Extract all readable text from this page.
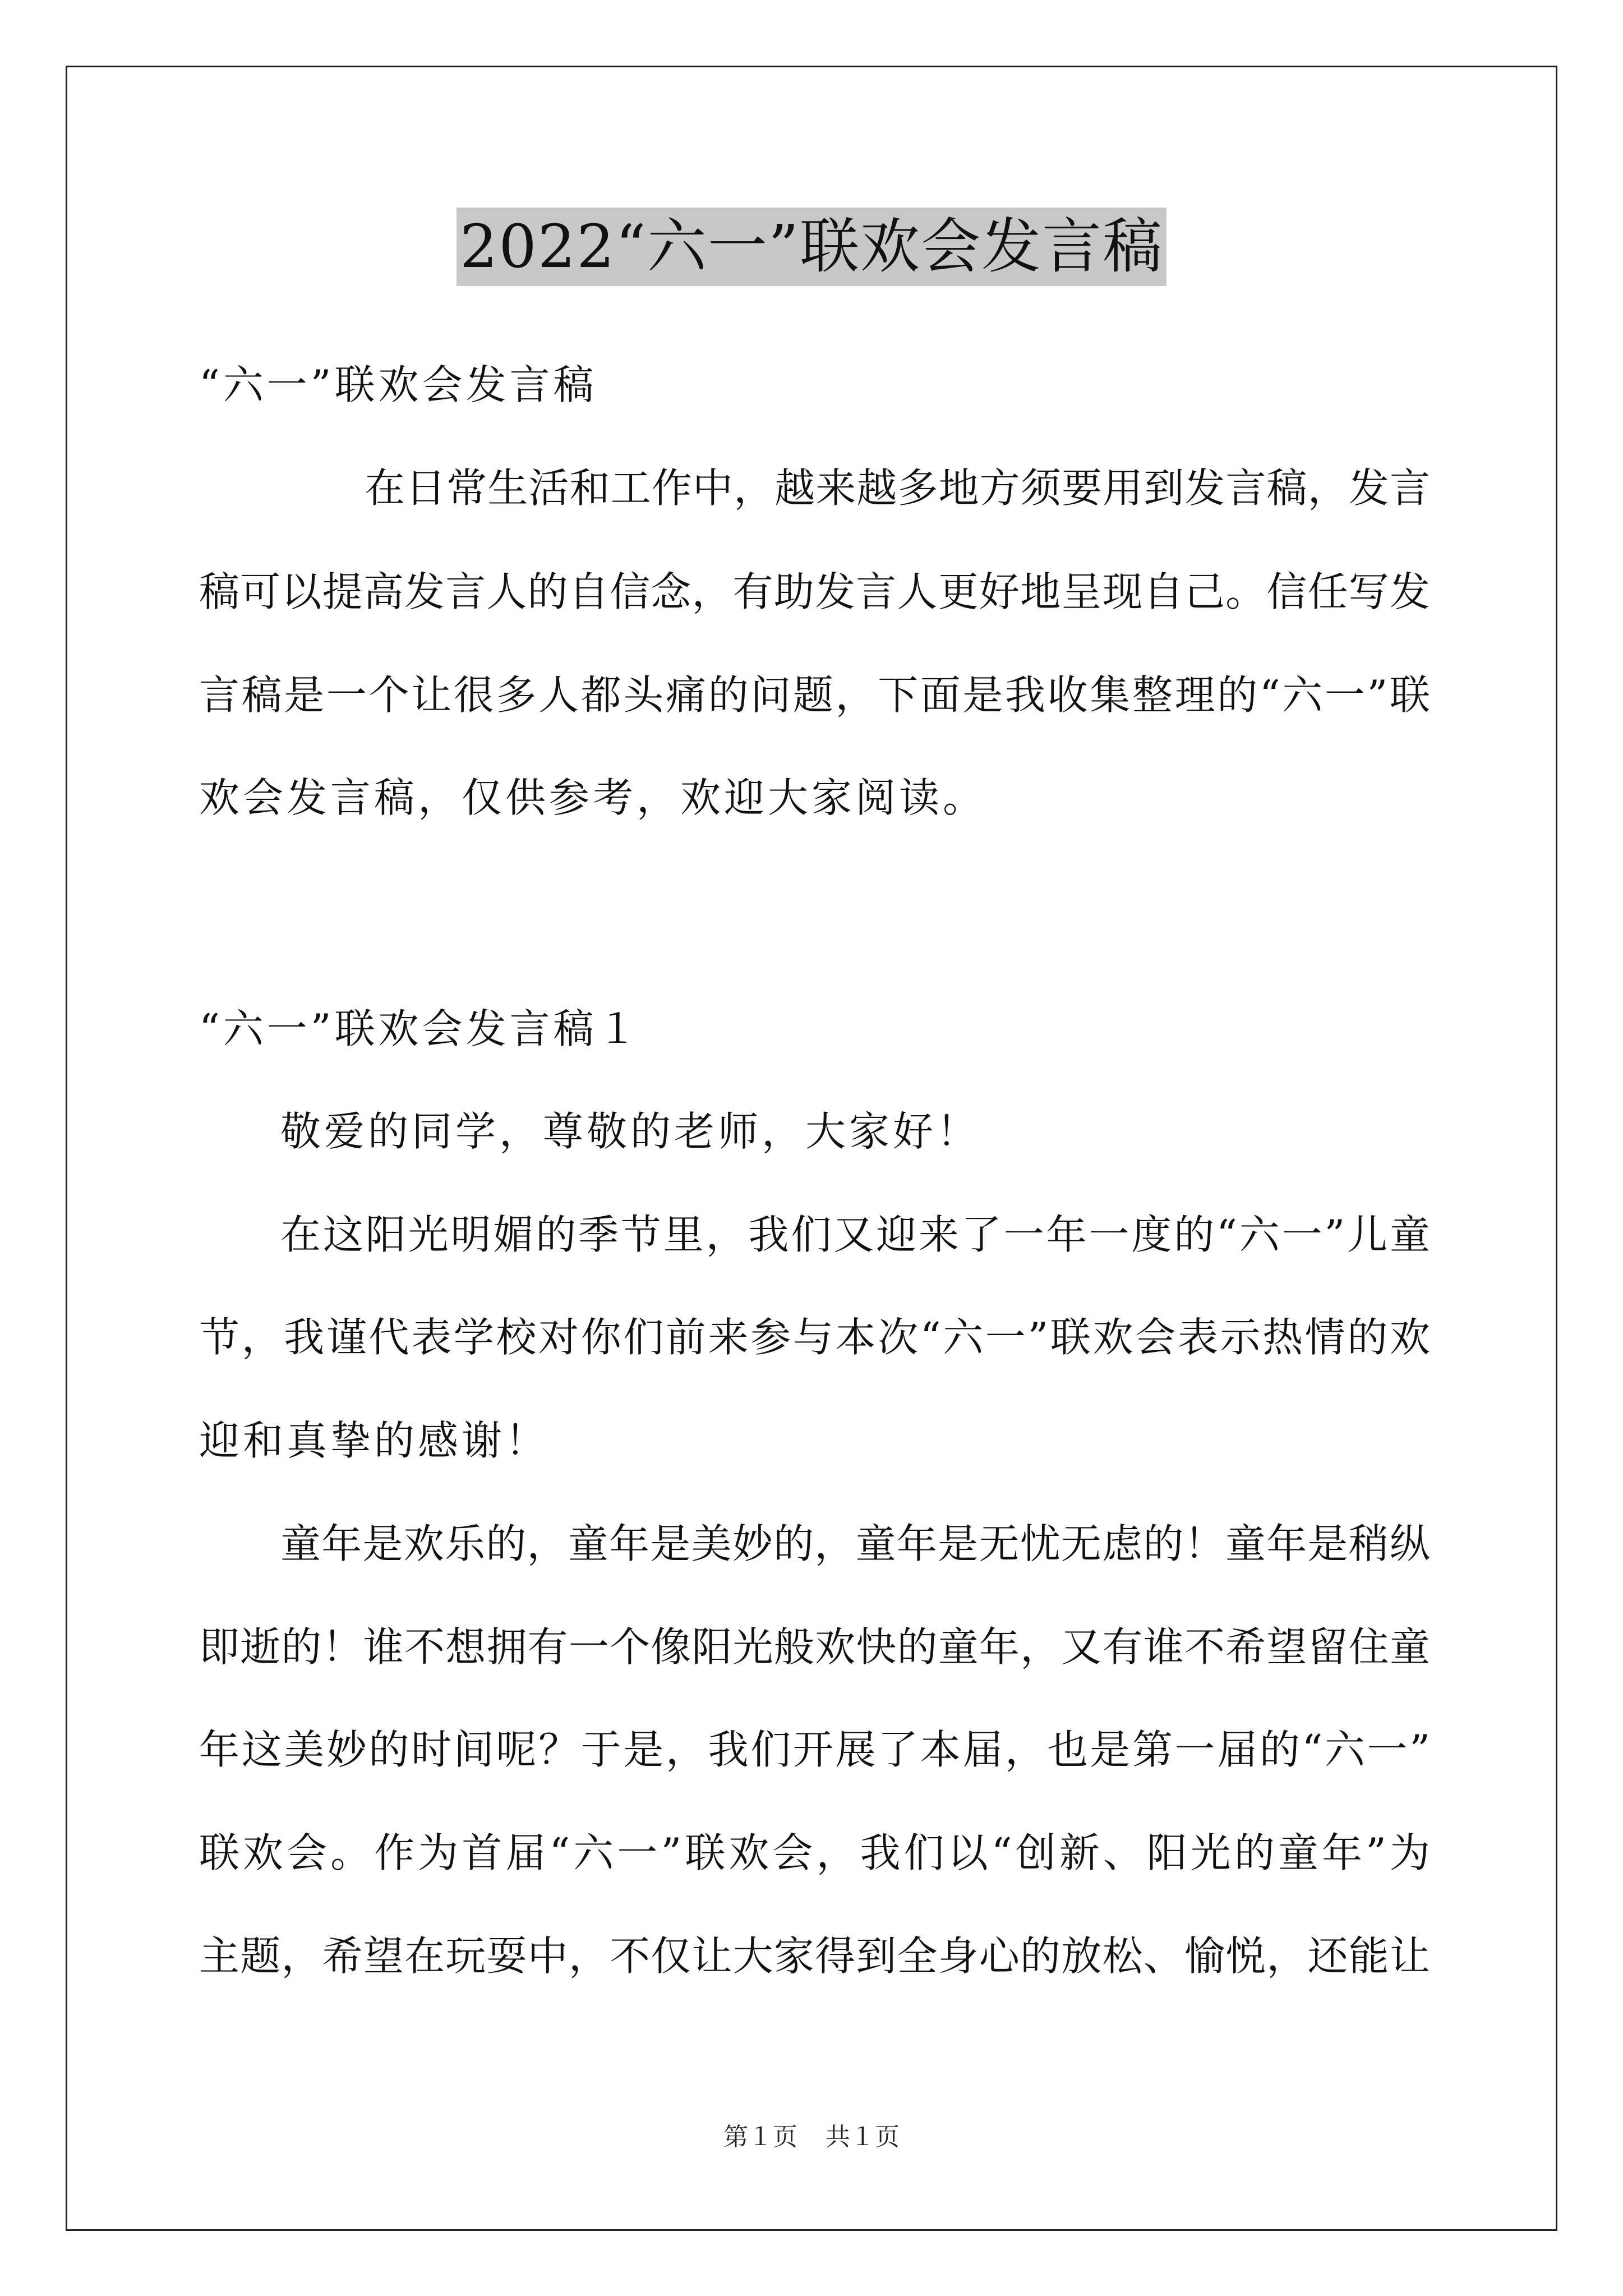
2022“六一”联欢会发言稿
“六一”联欢会发言稿
在日常生活和工作中，越来越多地方须要用到发言稿，发言
稿可以提高发言人的自信念，有助发言人更好地呈现自己。信任写发
言稿是一个让很多人都头痛的问题，下面是我收集整理的“六一”联
欢会发言稿，仅供参考，欢迎大家阅读。
“六一”联欢会发言稿１
敬爱的同学，尊敬的老师，大家好！
在这阳光明媚的季节里，我们又迎来了一年一度的“六一”儿童
节，我谨代表学校对你们前来参与本次“六一”联欢会表示热情的欢
迎和真挚的感谢！
童年是欢乐的，童年是美妙的，童年是无忧无虑的！童年是稍纵
即逝的！谁不想拥有一个像阳光般欢快的童年，又有谁不希望留住童
年这美妙的时间呢？于是，我们开展了本届，也是第一届的“六一”
联欢会。作为首届“六一”联欢会，我们以“创新、阳光的童年”为
主题，希望在玩耍中，不仅让大家得到全身心的放松、愉悦，还能让
第１页 共１页
